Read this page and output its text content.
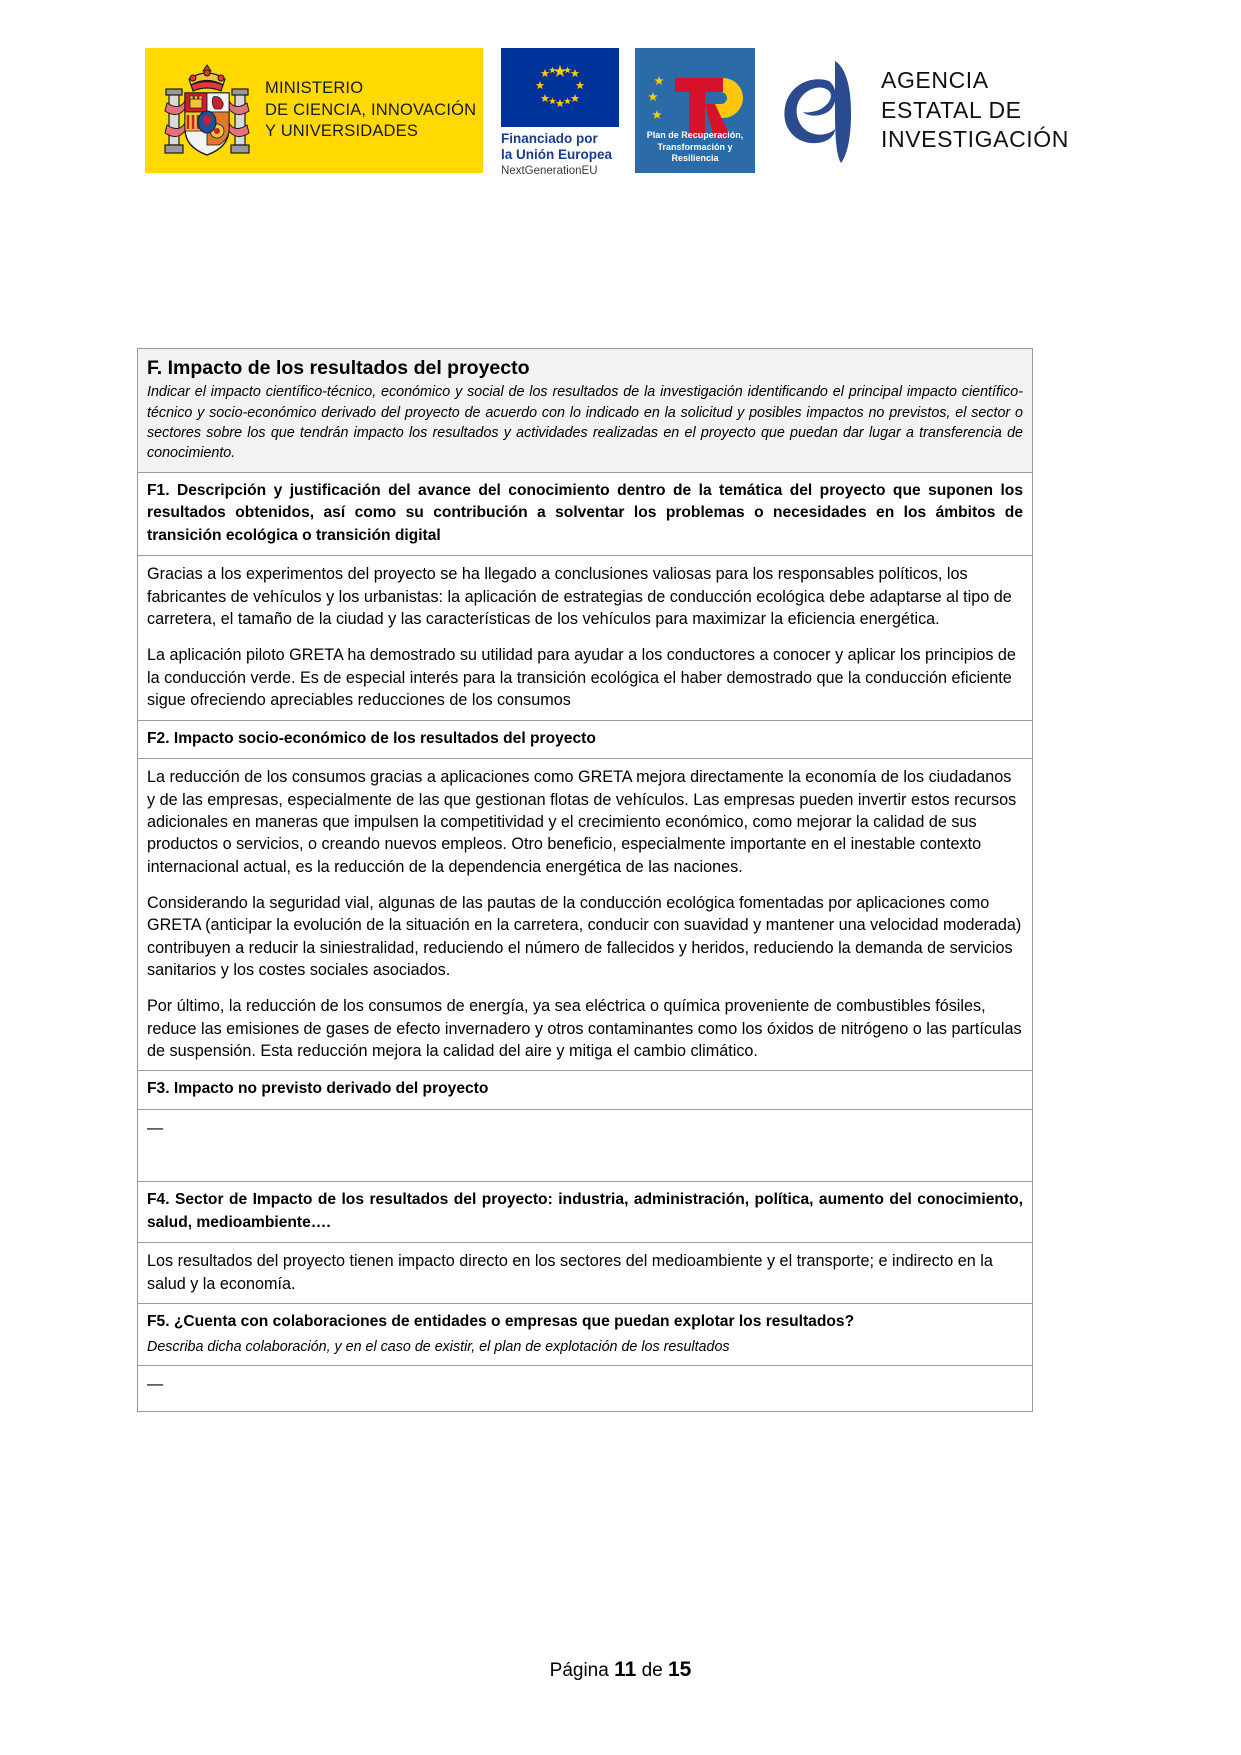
MINISTERIO
DE CIENCIA, INNOVACIÓN
Y UNIVERSIDADES	Financiado por
la Unión Europea
NextGenerationEU
Plan de Recuperación,
Transformación y
Resiliencia
AGENCIA
ESTATAL DE
INVESTIGACIÓN

F. Impacto de los resultados del proyecto

Indicar el impacto científico-técnico, económico y social de los resultados de la investigación identificando el principal impacto científico-técnico y socio-económico derivado del proyecto de acuerdo con lo indicado en la solicitud y posibles impactos no previstos, el sector o sectores sobre los que tendrán impacto los resultados y actividades realizadas en el proyecto que puedan dar lugar a transferencia de conocimiento.

F1. Descripción y justificación del avance del conocimiento dentro de la temática del proyecto que suponen los resultados obtenidos, así como su contribución a solventar los problemas o necesidades en los ámbitos de transición ecológica o transición digital

Gracias a los experimentos del proyecto se ha llegado a conclusiones valiosas para los responsables políticos, los fabricantes de vehículos y los urbanistas: la aplicación de estrategias de conducción ecológica debe adaptarse al tipo de carretera, el tamaño de la ciudad y las características de los vehículos para maximizar la eficiencia energética.

La aplicación piloto GRETA ha demostrado su utilidad para ayudar a los conductores a conocer y aplicar los principios de la conducción verde. Es de especial interés para la transición ecológica el haber demostrado que la conducción eficiente sigue ofreciendo apreciables reducciones de los consumos

F2. Impacto socio-económico de los resultados del proyecto

La reducción de los consumos gracias a aplicaciones como GRETA mejora directamente la economía de los ciudadanos y de las empresas, especialmente de las que gestionan flotas de vehículos. Las empresas pueden invertir estos recursos adicionales en maneras que impulsen la competitividad y el crecimiento económico, como mejorar la calidad de sus productos o servicios, o creando nuevos empleos. Otro beneficio, especialmente importante en el inestable contexto internacional actual, es la reducción de la dependencia energética de las naciones.

Considerando la seguridad vial, algunas de las pautas de la conducción ecológica fomentadas por aplicaciones como GRETA (anticipar la evolución de la situación en la carretera, conducir con suavidad y mantener una velocidad moderada) contribuyen a reducir la siniestralidad, reduciendo el número de fallecidos y heridos, reduciendo la demanda de servicios sanitarios y los costes sociales asociados.

Por último, la reducción de los consumos de energía, ya sea eléctrica o química proveniente de combustibles fósiles, reduce las emisiones de gases de efecto invernadero y otros contaminantes como los óxidos de nitrógeno o las partículas de suspensión. Esta reducción mejora la calidad del aire y mitiga el cambio climático.

F3. Impacto no previsto derivado del proyecto

—

F4. Sector de Impacto de los resultados del proyecto: industria, administración, política, aumento del conocimiento, salud, medioambiente….

Los resultados del proyecto tienen impacto directo en los sectores del medioambiente y el transporte; e indirecto en la salud y la economía.

F5. ¿Cuenta con colaboraciones de entidades o empresas que puedan explotar los resultados?

Describa dicha colaboración, y en el caso de existir, el plan de explotación de los resultados

—

Página 11 de 15
